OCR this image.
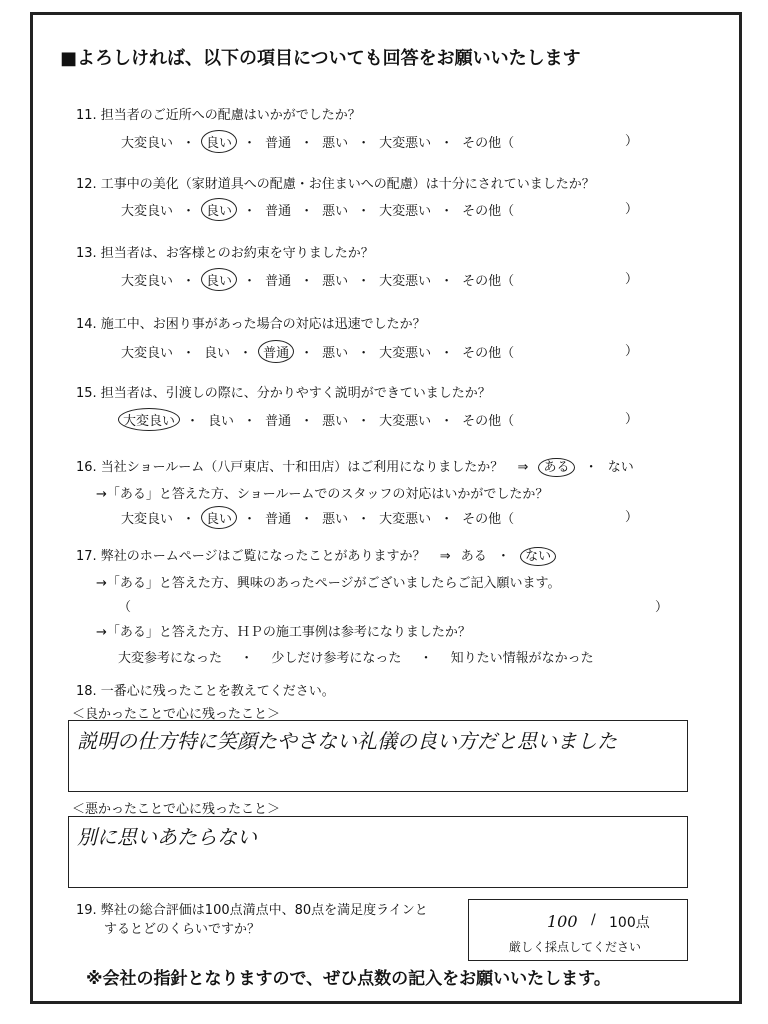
■よろしければ、以下の項目についても回答をお願いいたします
11. 担当者のご近所への配慮はいかがでしたか？
大変良い ・ 良い ・ 普通 ・ 悪い ・ 大変悪い ・ その他（	）
12. 工事中の美化（家財道具への配慮・お住まいへの配慮）は十分にされていましたか？
大変良い ・ 良い ・ 普通 ・ 悪い ・ 大変悪い ・ その他（	）
13. 担当者は、お客様とのお約束を守りましたか？
大変良い ・ 良い ・ 普通 ・ 悪い ・ 大変悪い ・ その他（	）
14. 施工中、お困り事があった場合の対応は迅速でしたか？
大変良い ・ 良い ・ 普通 ・ 悪い ・ 大変悪い ・ その他（	）
15. 担当者は、引渡しの際に、分かりやすく説明ができていましたか？
大変良い ・ 良い ・ 普通 ・ 悪い ・ 大変悪い ・ その他（	）
16. 当社ショールーム（八戸東店、十和田店）はご利用になりましたか？ ⇒ ある ・ ない
→「ある」と答えた方、ショールームでのスタッフの対応はいかがでしたか？
大変良い ・ 良い ・ 普通 ・ 悪い ・ 大変悪い ・ その他（	）
17. 弊社のホームページはご覧になったことがありますか？ ⇒ ある ・ ない
→「ある」と答えた方、興味のあったページがございましたらご記入願います。
（	）
→「ある」と答えた方、ＨＰの施工事例は参考になりましたか？
大変参考になった ・ 少しだけ参考になった ・ 知りたい情報がなかった
18. 一番心に残ったことを教えてください。
＜良かったことで心に残ったこと＞
説明の仕方特に笑顔たやさない礼儀の良い方だと思いました
＜悪かったことで心に残ったこと＞
別に思いあたらない
19. 弊社の総合評価は100点満点中、80点を満足度ラインと
するとどのくらいですか？	100 / 100点
厳しく採点してください
※会社の指針となりますので、ぜひ点数の記入をお願いいたします。
